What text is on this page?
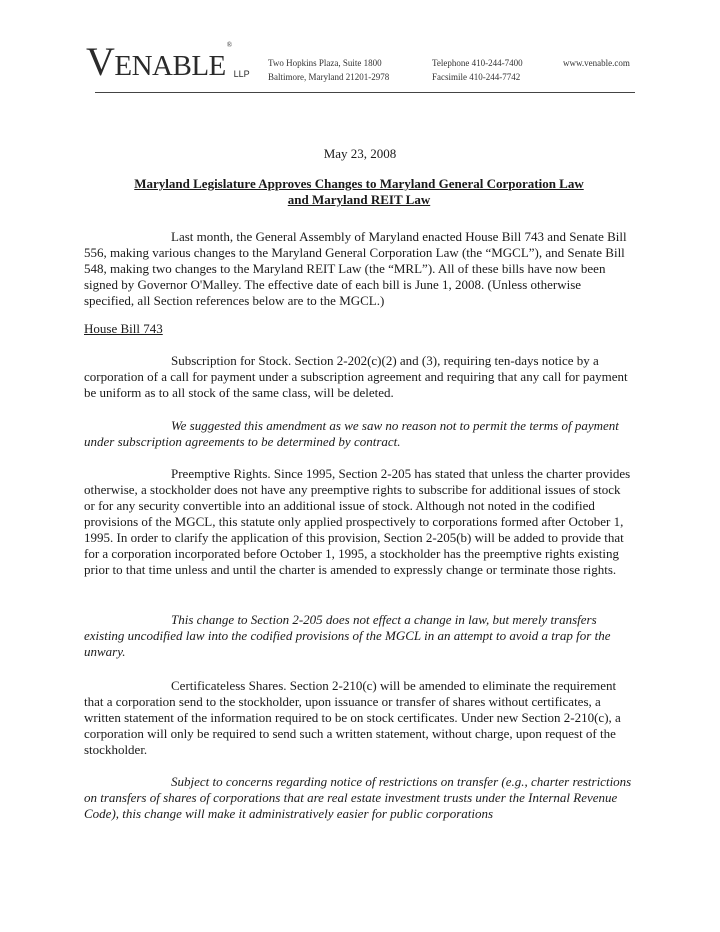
VENABLE®
LLP
Two Hopkins Plaza, Suite 1800
Baltimore, Maryland 21201-2978
Telephone 410-244-7400
Facsimile 410-244-7742
www.venable.com
May 23, 2008
Maryland Legislature Approves Changes to Maryland General Corporation Law
and Maryland REIT Law

Last month, the General Assembly of Maryland enacted House Bill 743 and Senate Bill 556, making various changes to the Maryland General Corporation Law (the “MGCL”), and Senate Bill 548, making two changes to the Maryland REIT Law (the “MRL”). All of these bills have now been signed by Governor O'Malley. The effective date of each bill is June 1, 2008. (Unless otherwise specified, all Section references below are to the MGCL.)

House Bill 743

Subscription for Stock. Section 2-202(c)(2) and (3), requiring ten-days notice by a corporation of a call for payment under a subscription agreement and requiring that any call for payment be uniform as to all stock of the same class, will be deleted.

We suggested this amendment as we saw no reason not to permit the terms of payment under subscription agreements to be determined by contract.

Preemptive Rights. Since 1995, Section 2-205 has stated that unless the charter provides otherwise, a stockholder does not have any preemptive rights to subscribe for additional issues of stock or for any security convertible into an additional issue of stock. Although not noted in the codified provisions of the MGCL, this statute only applied prospectively to corporations formed after October 1, 1995. In order to clarify the application of this provision, Section 2-205(b) will be added to provide that for a corporation incorporated before October 1, 1995, a stockholder has the preemptive rights existing prior to that time unless and until the charter is amended to expressly change or terminate those rights.

This change to Section 2-205 does not effect a change in law, but merely transfers existing uncodified law into the codified provisions of the MGCL in an attempt to avoid a trap for the unwary.

Certificateless Shares. Section 2-210(c) will be amended to eliminate the requirement that a corporation send to the stockholder, upon issuance or transfer of shares without certificates, a written statement of the information required to be on stock certificates. Under new Section 2-210(c), a corporation will only be required to send such a written statement, without charge, upon request of the stockholder.

Subject to concerns regarding notice of restrictions on transfer (e.g., charter restrictions on transfers of shares of corporations that are real estate investment trusts under the Internal Revenue Code), this change will make it administratively easier for public corporations
